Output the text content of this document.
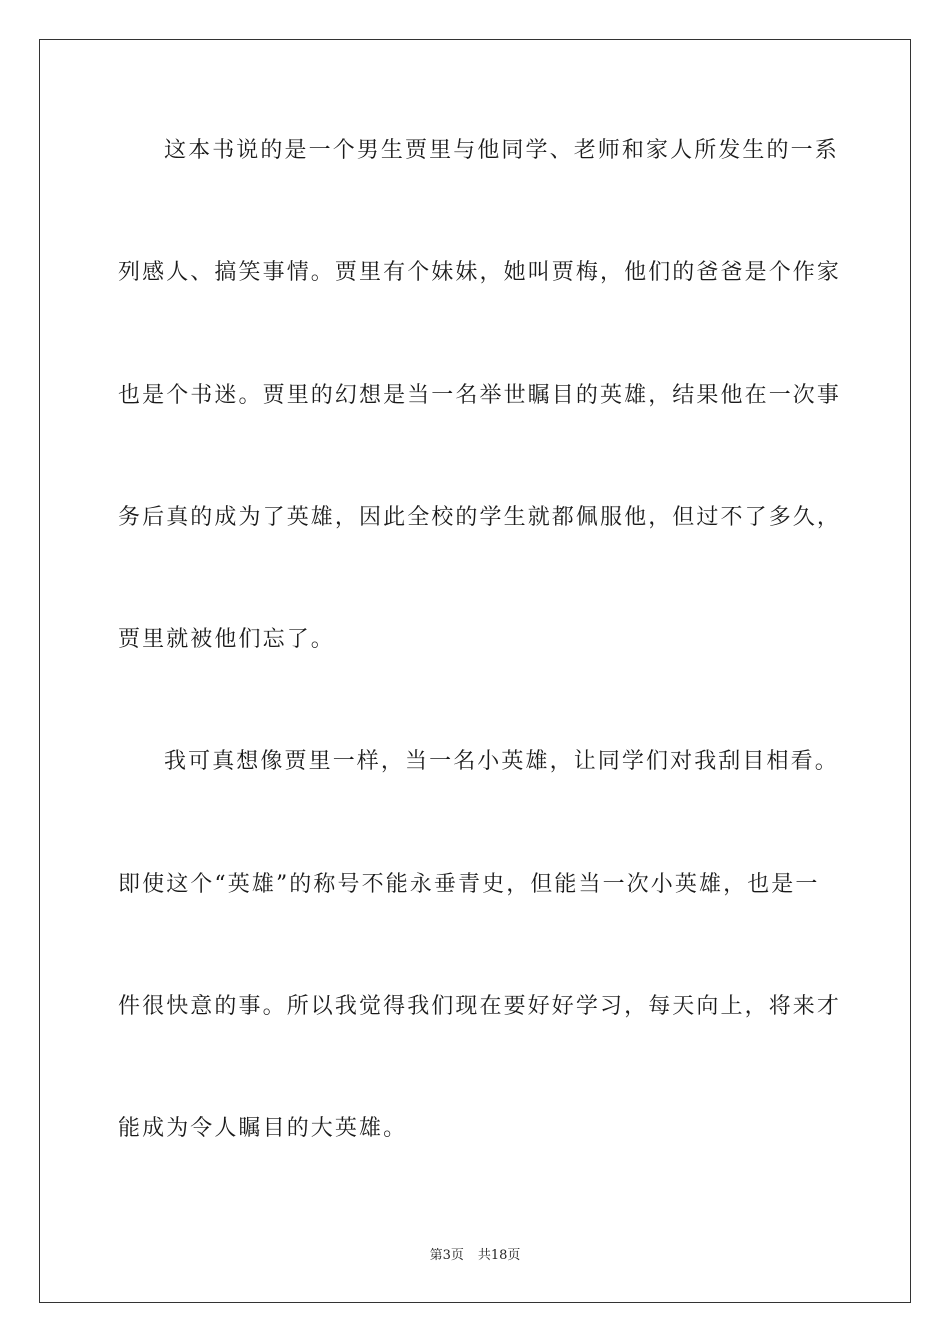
这本书说的是一个男生贾里与他同学、老师和家人所发生的一系
列感人、搞笑事情。贾里有个妹妹，她叫贾梅，他们的爸爸是个作家
也是个书迷。贾里的幻想是当一名举世瞩目的英雄，结果他在一次事
务后真的成为了英雄，因此全校的学生就都佩服他，但过不了多久，
贾里就被他们忘了。
我可真想像贾里一样，当一名小英雄，让同学们对我刮目相看。
即使这个“英雄”的称号不能永垂青史，但能当一次小英雄，也是一
件很快意的事。所以我觉得我们现在要好好学习，每天向上，将来才
能成为令人瞩目的大英雄。
第3页 共18页
